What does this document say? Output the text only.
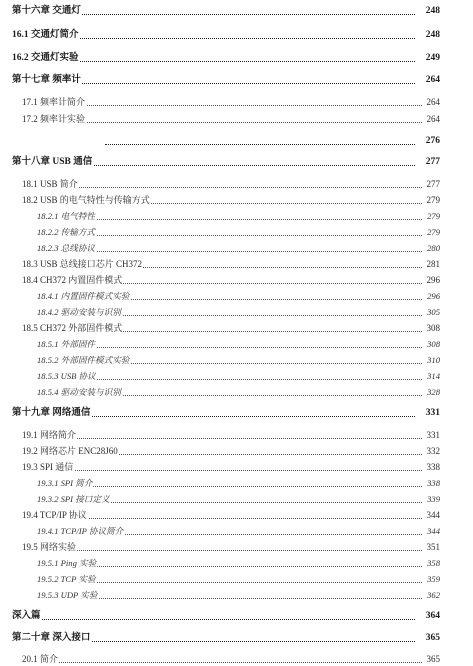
第十六章 交通灯	248
16.1 交通灯简介	248
16.2 交通灯实验	249
第十七章 频率计	264
17.1 频率计简介	264
17.2 频率计实验	264
276
第十八章 USB 通信	277
18.1 USB 简介	277
18.2 USB 的电气特性与传输方式	279
18.2.1 电气特性	279
18.2.2 传输方式	279
18.2.3 总线协议	280
18.3 USB 总线接口芯片 CH372	281
18.4 CH372 内置固件模式	296
18.4.1 内置固件模式实验	296
18.4.2 驱动安装与识别	305
18.5 CH372 外部固件模式	308
18.5.1 外部固件	308
18.5.2 外部固件模式实验	310
18.5.3 USB 协议	314
18.5.4 驱动安装与识别	328
第十九章 网络通信	331
19.1 网络简介	331
19.2 网络芯片 ENC28J60	332
19.3 SPI 通信	338
19.3.1 SPI 简介	338
19.3.2 SPI 接口定义	339
19.4 TCP/IP 协议	344
19.4.1 TCP/IP 协议简介	344
19.5 网络实验	351
19.5.1 Ping 实验	358
19.5.2 TCP 实验	359
19.5.3 UDP 实验	362
深入篇	364
第二十章 深入接口	365
20.1 简介	365
